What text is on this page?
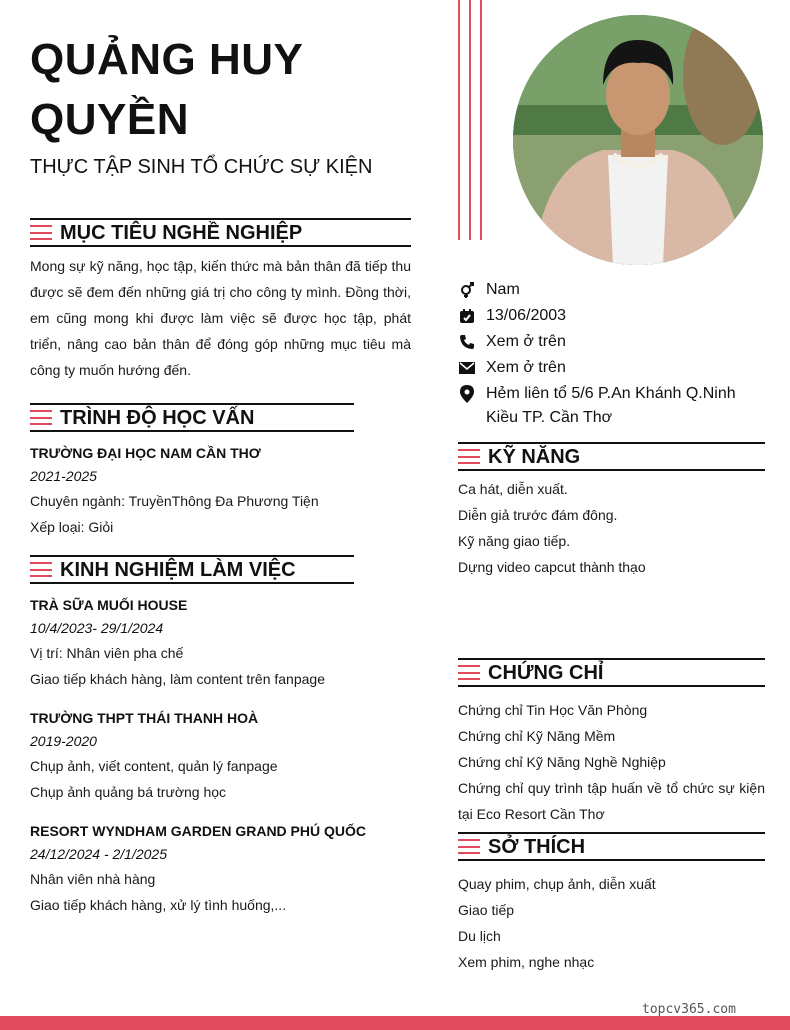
QUẢNG HUY
QUYỀN
THỰC TẬP SINH TỔ CHỨC SỰ KIỆN
MỤC TIÊU NGHỀ NGHIỆP
Mong sự kỹ năng, học tập, kiến thức mà bản thân đã tiếp thu được sẽ đem đến những giá trị cho công ty mình. Đồng thời, em cũng mong khi được làm việc sẽ được học tập, phát triển, nâng cao bản thân để đóng góp những mục tiêu mà công ty muốn hướng đến.
TRÌNH ĐỘ HỌC VẤN
TRƯỜNG ĐẠI HỌC NAM CẦN THƠ
2021-2025
Chuyên ngành: TruyềnThông Đa Phương Tiện
Xếp loại: Giỏi
KINH NGHIỆM LÀM VIỆC
TRÀ SỮA MUỐI HOUSE
10/4/2023- 29/1/2024
Vị trí: Nhân viên pha chế
Giao tiếp khách hàng, làm content trên fanpage
TRƯỜNG THPT THÁI THANH HOÀ
2019-2020
Chụp ảnh, viết content, quản lý fanpage
Chụp ảnh quảng bá trường học
RESORT WYNDHAM GARDEN GRAND PHÚ QUỐC
24/12/2024 - 2/1/2025
Nhân viên nhà hàng
Giao tiếp khách hàng, xử lý tình huống,...
Nam
13/06/2003
Xem ở trên
Xem ở trên
Hẻm liên tổ 5/6 P.An Khánh Q.Ninh Kiều TP. Cần Thơ
KỸ NĂNG
Ca hát, diễn xuất.
Diễn giả trước đám đông.
Kỹ năng giao tiếp.
Dựng video capcut thành thạo
CHỨNG CHỈ
Chứng chỉ Tin Học Văn Phòng
Chứng chỉ Kỹ Năng Mềm
Chứng chỉ Kỹ Năng Nghề Nghiệp
Chứng chỉ quy trình tập huấn về tổ chức sự kiện tại Eco Resort Cần Thơ
SỞ THÍCH
Quay phim, chụp ảnh, diễn xuất
Giao tiếp
Du lịch
Xem phim, nghe nhạc
topcv365.com
